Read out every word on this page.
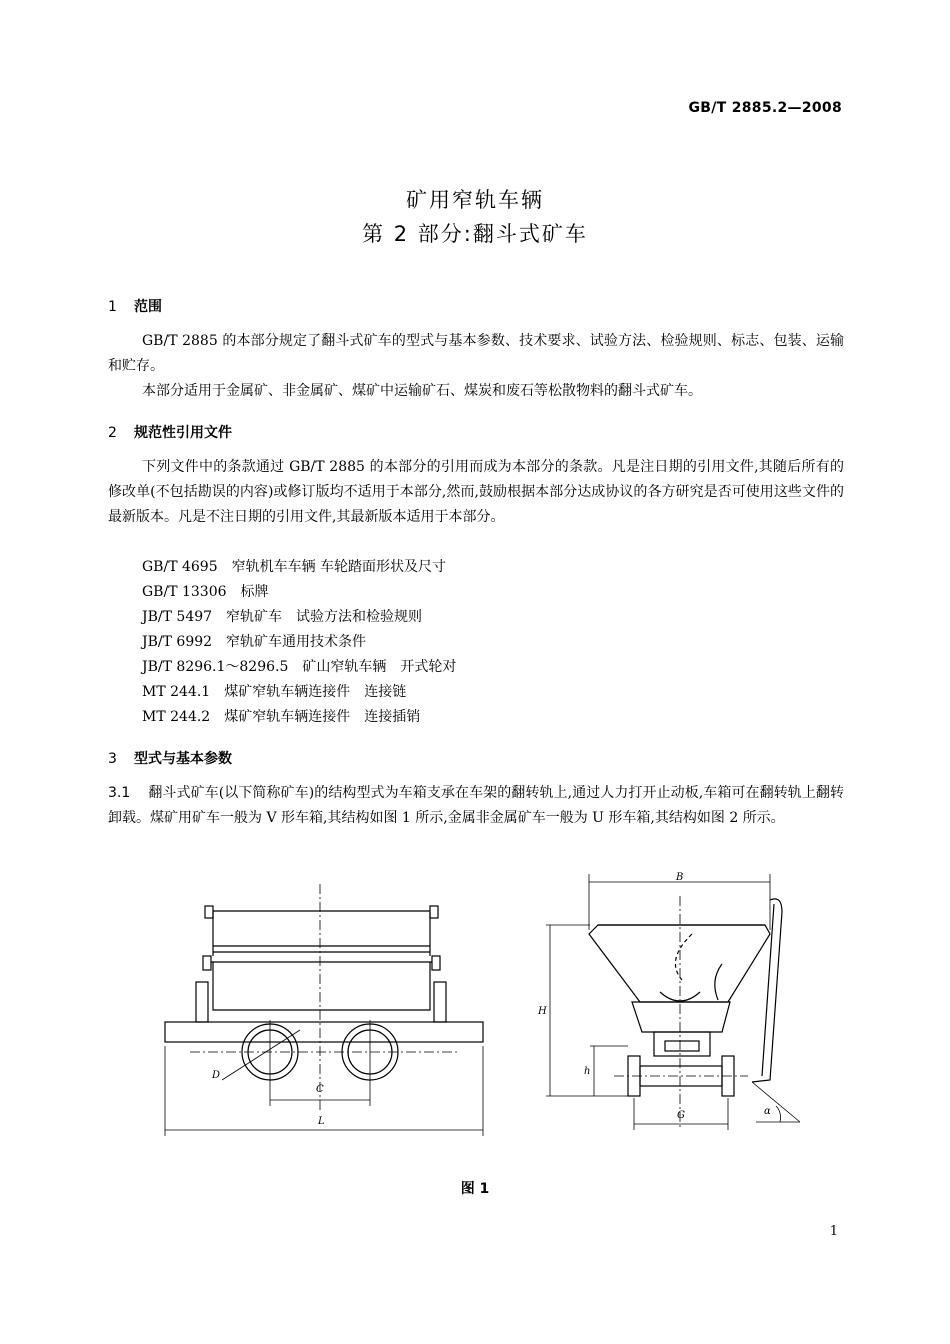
GB/T 2885.2—2008
矿用窄轨车辆
第 2 部分:翻斗式矿车
1 范围
GB/T 2885 的本部分规定了翻斗式矿车的型式与基本参数、技术要求、试验方法、检验规则、标志、包装、运输和贮存。
本部分适用于金属矿、非金属矿、煤矿中运输矿石、煤炭和废石等松散物料的翻斗式矿车。
2 规范性引用文件
下列文件中的条款通过 GB/T 2885 的本部分的引用而成为本部分的条款。凡是注日期的引用文件,其随后所有的修改单(不包括勘误的内容)或修订版均不适用于本部分,然而,鼓励根据本部分达成协议的各方研究是否可使用这些文件的最新版本。凡是不注日期的引用文件,其最新版本适用于本部分。
GB/T 4695　窄轨机车车辆 车轮踏面形状及尺寸
GB/T 13306　标牌
JB/T 5497　窄轨矿车　试验方法和检验规则
JB/T 6992　窄轨矿车通用技术条件
JB/T 8296.1～8296.5　矿山窄轨车辆　开式轮对
MT 244.1　煤矿窄轨车辆连接件　连接链
MT 244.2　煤矿窄轨车辆连接件　连接插销
3 型式与基本参数
3.1 翻斗式矿车(以下简称矿车)的结构型式为车箱支承在车架的翻转轨上,通过人力打开止动板,车箱可在翻转轨上翻转卸载。煤矿用矿车一般为 V 形车箱,其结构如图 1 所示,金属非金属矿车一般为 U 形车箱,其结构如图 2 所示。
D
C
L
B
H
h
G	α
图 1
1
